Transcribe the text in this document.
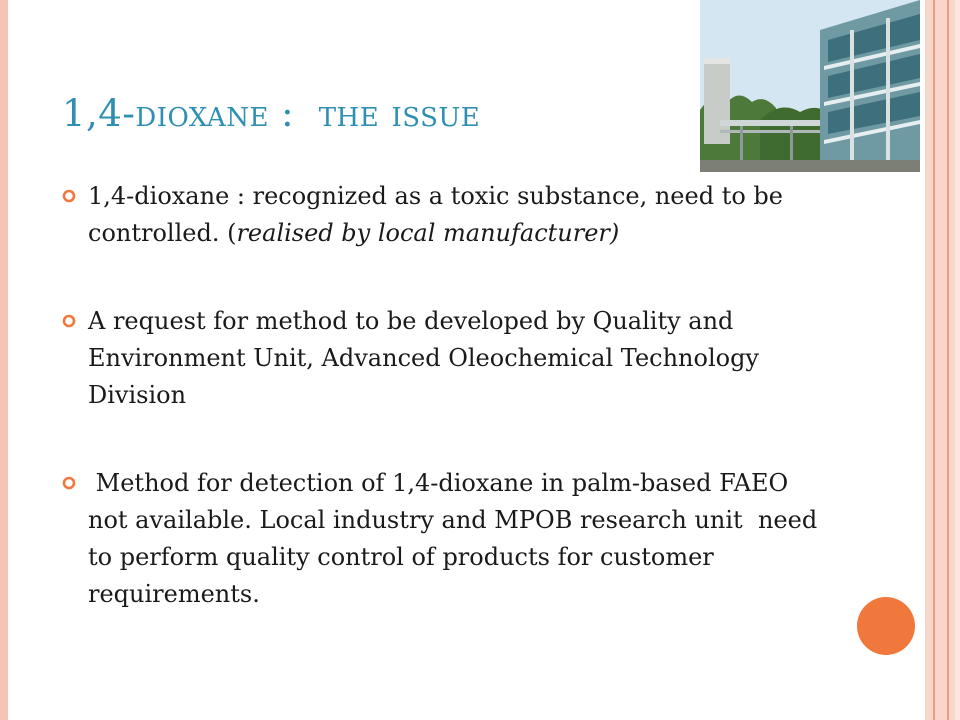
1,4-dioxane : the issue
1,4-dioxane : recognized as a toxic substance, need to be controlled. (realised by local manufacturer)
A request for method to be developed by Quality and Environment Unit, Advanced Oleochemical Technology Division
Method for detection of 1,4-dioxane in palm-based FAEO not available. Local industry and MPOB research unit  need to perform quality control of products for customer requirements.
